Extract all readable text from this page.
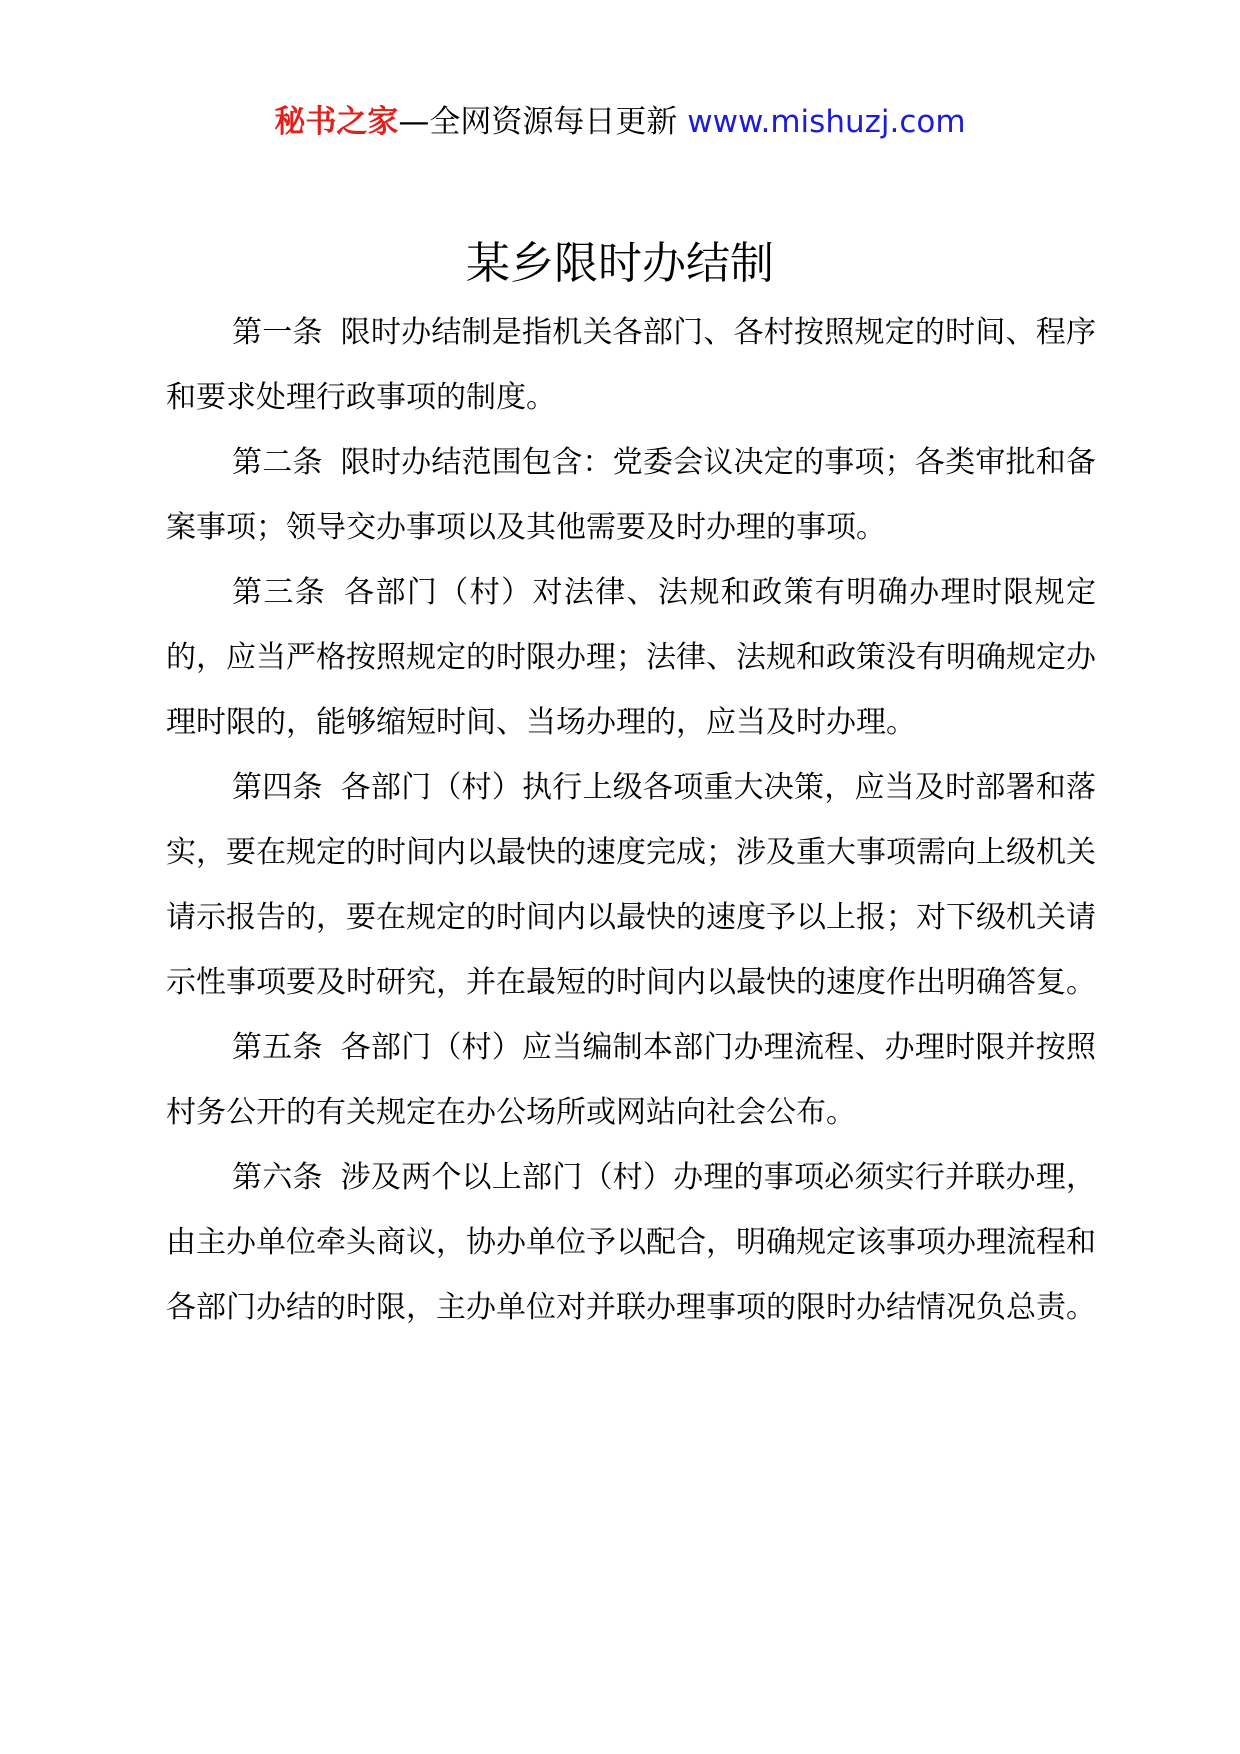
秘书之家—全网资源每日更新 www.mishuzj.com
某乡限时办结制

第一条 限时办结制是指机关各部门、各村按照规定的时间、程序和要求处理行政事项的制度。

第二条 限时办结范围包含：党委会议决定的事项；各类审批和备案事项；领导交办事项以及其他需要及时办理的事项。

第三条 各部门（村）对法律、法规和政策有明确办理时限规定的，应当严格按照规定的时限办理；法律、法规和政策没有明确规定办理时限的，能够缩短时间、当场办理的，应当及时办理。

第四条 各部门（村）执行上级各项重大决策，应当及时部署和落实，要在规定的时间内以最快的速度完成；涉及重大事项需向上级机关请示报告的，要在规定的时间内以最快的速度予以上报；对下级机关请示性事项要及时研究，并在最短的时间内以最快的速度作出明确答复。

第五条 各部门（村）应当编制本部门办理流程、办理时限并按照村务公开的有关规定在办公场所或网站向社会公布。

第六条 涉及两个以上部门（村）办理的事项必须实行并联办理，由主办单位牵头商议，协办单位予以配合，明确规定该事项办理流程和各部门办结的时限，主办单位对并联办理事项的限时办结情况负总责。
